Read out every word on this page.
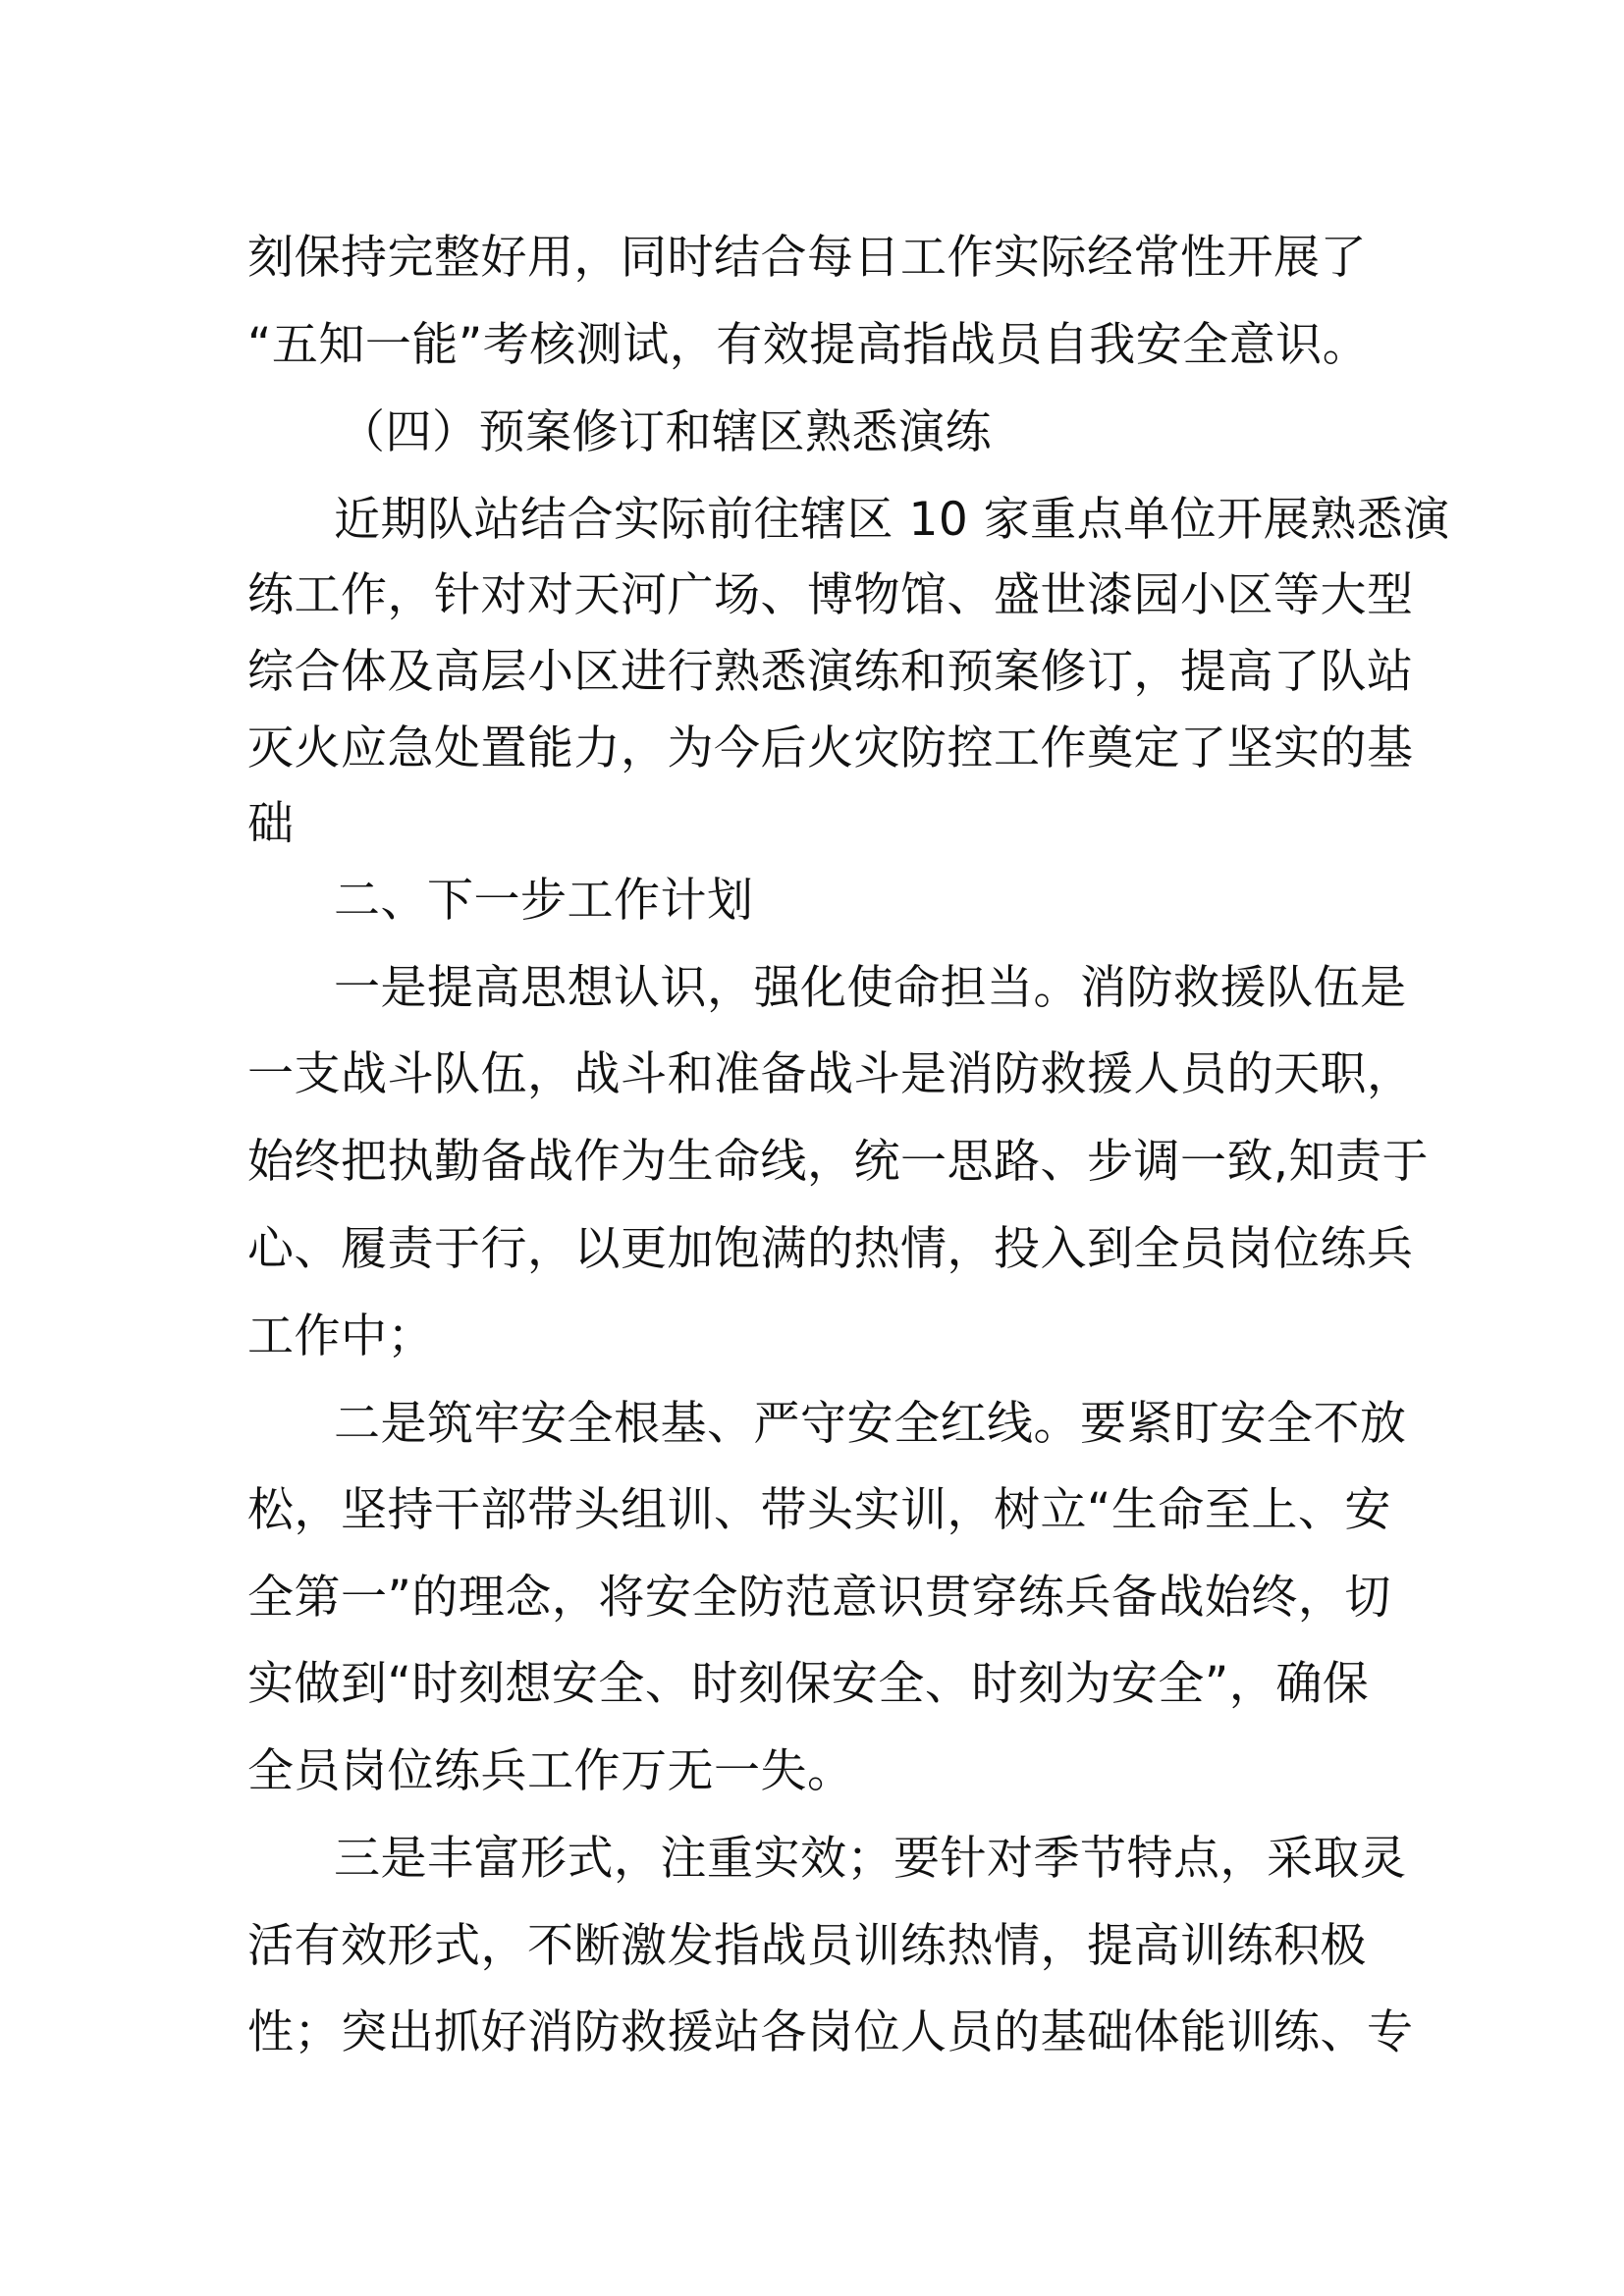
刻保持完整好用，同时结合每日工作实际经常性开展了
“五知一能”考核测试，有效提高指战员自我安全意识。
（四）预案修订和辖区熟悉演练
近期队站结合实际前往辖区 10 家重点单位开展熟悉演
练工作，针对对天河广场、博物馆、盛世漆园小区等大型
综合体及高层小区进行熟悉演练和预案修订，提高了队站
灭火应急处置能力，为今后火灾防控工作奠定了坚实的基
础
二、下一步工作计划
一是提高思想认识，强化使命担当。消防救援队伍是
一支战斗队伍，战斗和准备战斗是消防救援人员的天职，
始终把执勤备战作为生命线，统一思路、步调一致,知责于
心、履责于行，以更加饱满的热情，投入到全员岗位练兵
工作中；
二是筑牢安全根基、严守安全红线。要紧盯安全不放
松，坚持干部带头组训、带头实训，树立“生命至上、安
全第一”的理念，将安全防范意识贯穿练兵备战始终，切
实做到“时刻想安全、时刻保安全、时刻为安全”，确保
全员岗位练兵工作万无一失。
三是丰富形式，注重实效；要针对季节特点，采取灵
活有效形式，不断激发指战员训练热情，提高训练积极
性；突出抓好消防救援站各岗位人员的基础体能训练、专
